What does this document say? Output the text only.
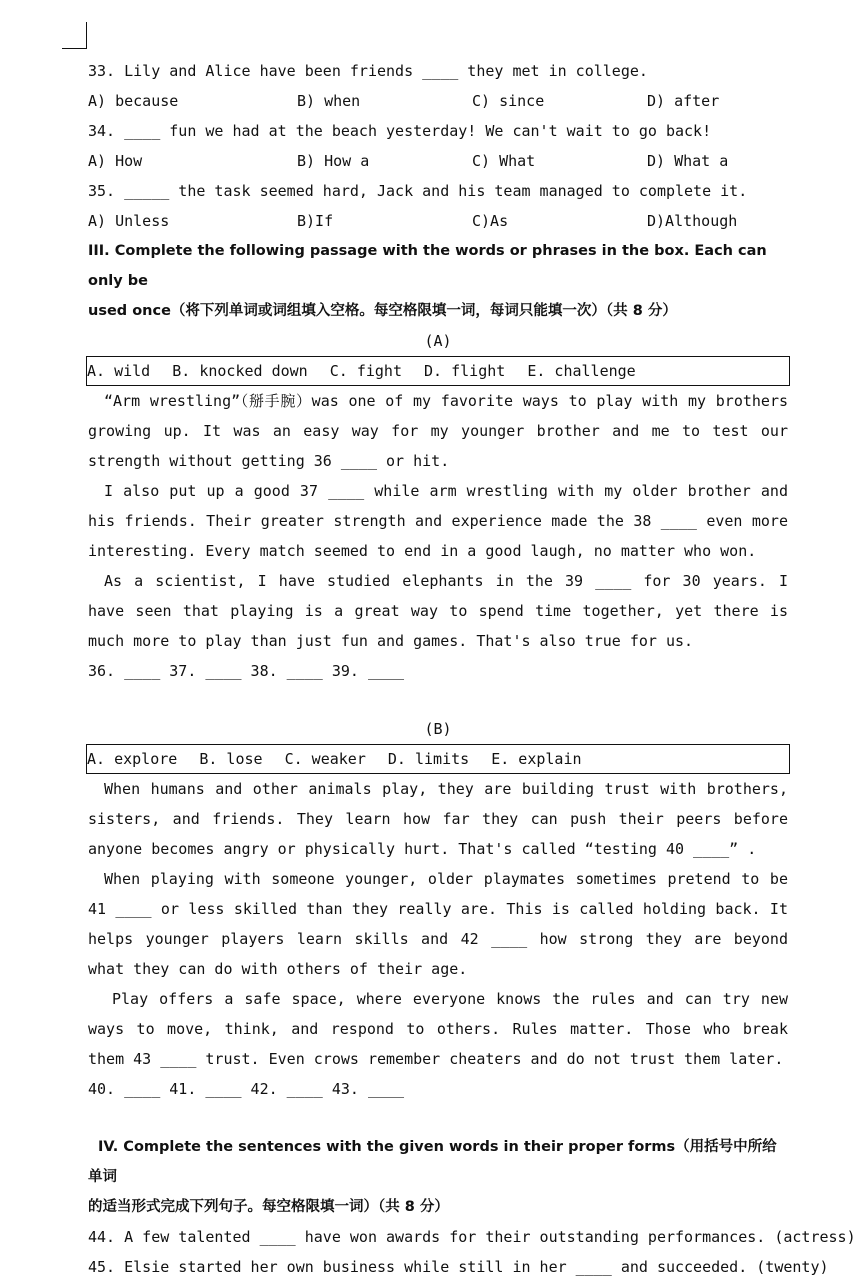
33. Lily and Alice have been friends ____ they met in college.
A) because	B) when	C) since	D) after
34. ____ fun we had at the beach yesterday! We can't wait to go back!
A) How	B) How a	C) What	D) What a
35. _____ the task seemed hard, Jack and his team managed to complete it.
A) Unless	B)If	C)As	D)Although
III. Complete the following passage with the words or phrases in the box. Each can only be
used once（将下列单词或词组填入空格。每空格限填一词，每词只能填一次）（共 8 分）
(A)
A. wild B. knocked down C. fight D. flight E. challenge
“Arm wrestling”（掰手腕）was one of my favorite ways to play with my brothers growing up. It was an easy way for my younger brother and me to test our strength without getting 36 ____ or hit.
I also put up a good 37 ____ while arm wrestling with my older brother and his friends. Their greater strength and experience made the 38 ____ even more interesting. Every match seemed to end in a good laugh, no matter who won.
As a scientist, I have studied elephants in the 39 ____ for 30 years. I have seen that playing is a great way to spend time together, yet there is much more to play than just fun and games. That's also true for us.
36. ____ 37. ____ 38. ____ 39. ____
(B)
A. explore B. lose C. weaker D. limits E. explain
When humans and other animals play, they are building trust with brothers, sisters, and friends. They learn how far they can push their peers before anyone becomes angry or physically hurt. That's called “testing 40 ____” .
When playing with someone younger, older playmates sometimes pretend to be 41 ____ or less skilled than they really are. This is called holding back. It helps younger players learn skills and 42 ____ how strong they are beyond what they can do with others of their age.
Play offers a safe space, where everyone knows the rules and can try new ways to move, think, and respond to others. Rules matter. Those who break them 43 ____ trust. Even crows remember cheaters and do not trust them later.
40. ____ 41. ____ 42. ____ 43. ____
IV. Complete the sentences with the given words in their proper forms（用括号中所给单词
的适当形式完成下列句子。每空格限填一词）（共 8 分）
44. A few talented ____ have won awards for their outstanding performances. (actress)
45. Elsie started her own business while still in her ____ and succeeded. (twenty)
